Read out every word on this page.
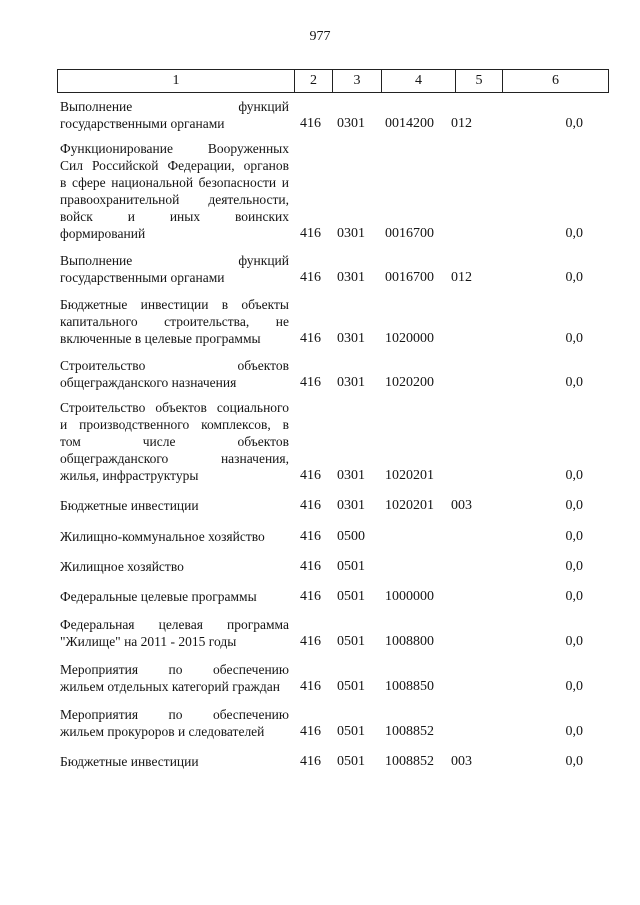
977
1	2	3	4	5	6
Выполнение функций
государственными органами	416 0301 0014200 012	0,0
Функционирование Вооруженных
Сил Российской Федерации, органов
в сфере национальной безопасности и
правоохранительной деятельности,
войск и иных воинских
формирований	416 0301 0016700	0,0
Выполнение функций
государственными органами	416 0301 0016700 012	0,0
Бюджетные инвестиции в объекты
капитального строительства, не
включенные в целевые программы	416 0301 1020000	0,0
Строительство объектов
общегражданского назначения	416 0301 1020200	0,0
Строительство объектов социального
и производственного комплексов, в
том числе объектов
общегражданского назначения,
жилья, инфраструктуры	416 0301 1020201	0,0
Бюджетные инвестиции	416 0301 1020201 003	0,0
Жилищно-коммунальное хозяйство	416 0500	0,0
Жилищное хозяйство	416 0501	0,0
Федеральные целевые программы	416 0501 1000000	0,0
Федеральная целевая программа
"Жилище" на 2011 - 2015 годы	416 0501 1008800	0,0
Мероприятия по обеспечению
жильем отдельных категорий граждан	416 0501 1008850	0,0
Мероприятия по обеспечению
жильем прокуроров и следователей	416 0501 1008852	0,0
Бюджетные инвестиции	416 0501 1008852 003	0,0
